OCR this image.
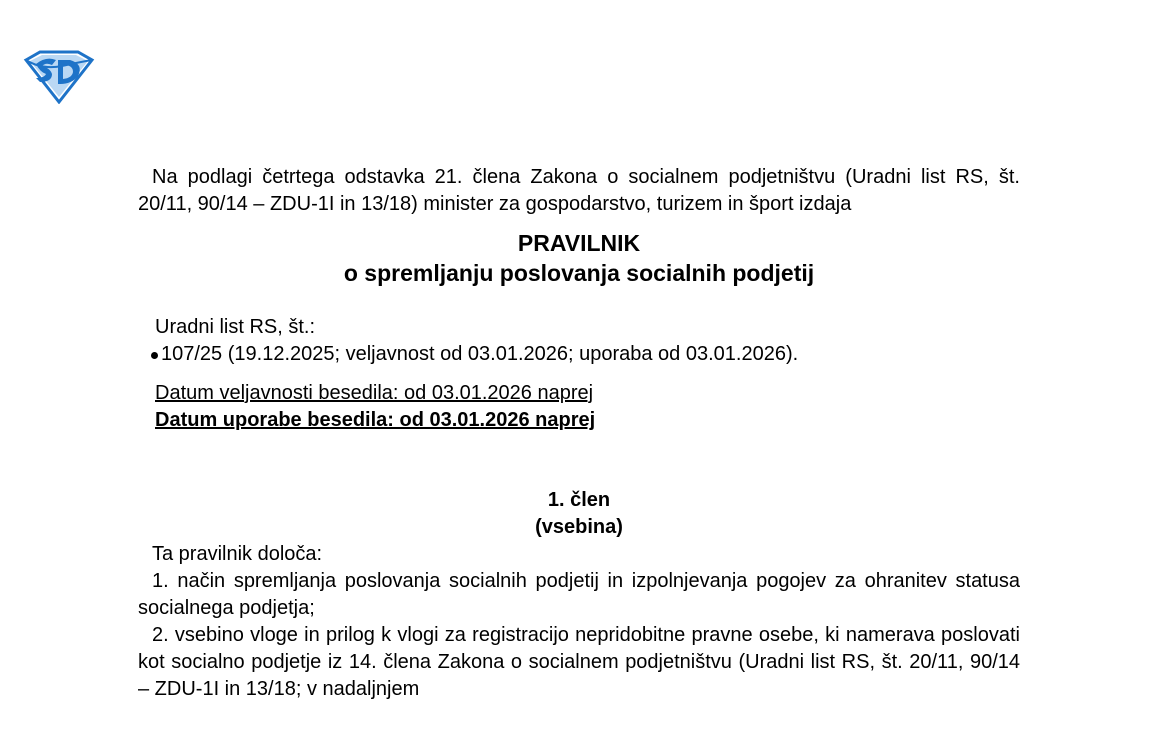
Na podlagi četrtega odstavka 21. člena Zakona o socialnem podjetništvu (Uradni list RS, št. 20/11, 90/14 – ZDU-1I in 13/18) minister za gospodarstvo, turizem in šport izdaja

PRAVILNIK

o spremljanju poslovanja socialnih podjetij

Uradni list RS, št.:
107/25 (19.12.2025; veljavnost od 03.01.2026; uporaba od 03.01.2026).
Datum veljavnosti besedila: od 03.01.2026 naprej
Datum uporabe besedila: od 03.01.2026 naprej
1. člen
(vsebina)

Ta pravilnik določa:

1. način spremljanja poslovanja socialnih podjetij in izpolnjevanja pogojev za ohranitev statusa socialnega podjetja;

2. vsebino vloge in prilog k vlogi za registracijo nepridobitne pravne osebe, ki namerava poslovati kot socialno podjetje iz 14. člena Zakona o socialnem podjetništvu (Uradni list RS, št. 20/11, 90/14 – ZDU-1I in 13/18; v nadaljnjem
